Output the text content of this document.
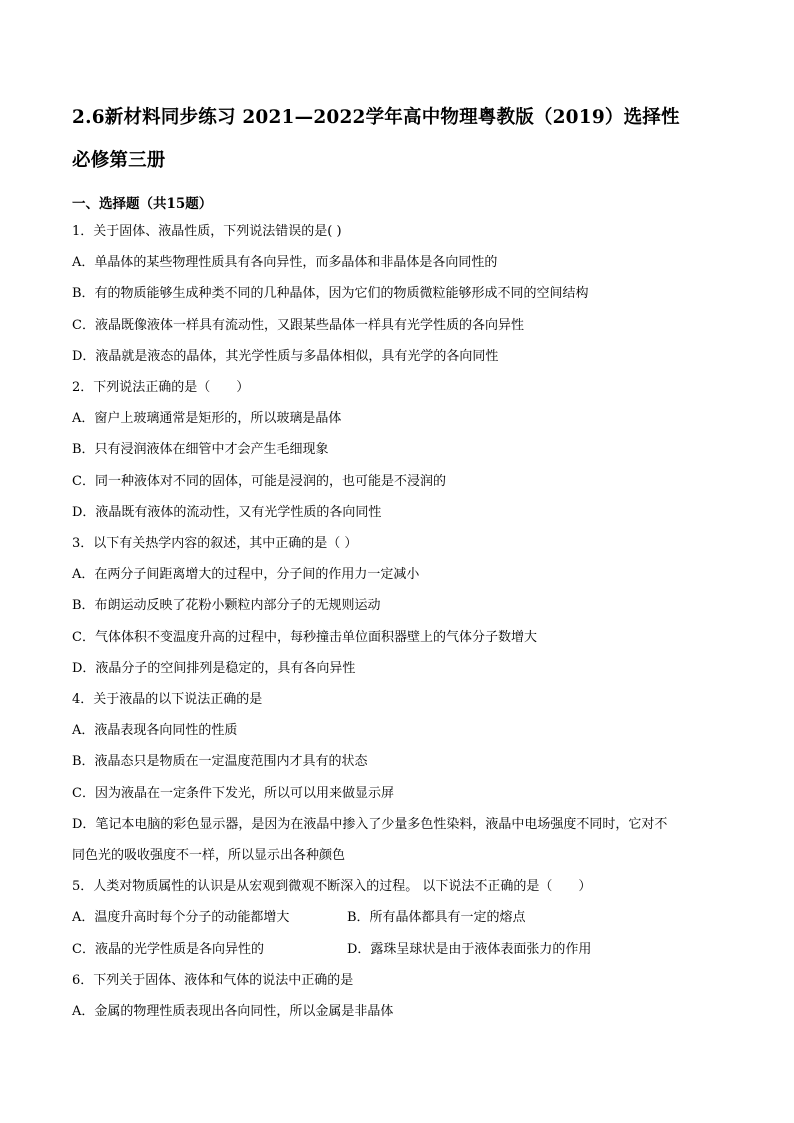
2.6新材料同步练习 2021—2022学年高中物理粤教版（2019）选择性
必修第三册
一、选择题（共15题）
1．关于固体、液晶性质，下列说法错误的是( )
A．单晶体的某些物理性质具有各向异性，而多晶体和非晶体是各向同性的
B．有的物质能够生成种类不同的几种晶体，因为它们的物质微粒能够形成不同的空间结构
C．液晶既像液体一样具有流动性，又跟某些晶体一样具有光学性质的各向异性
D．液晶就是液态的晶体，其光学性质与多晶体相似，具有光学的各向同性
2．下列说法正确的是（　　）
A．窗户上玻璃通常是矩形的，所以玻璃是晶体
B．只有浸润液体在细管中才会产生毛细现象
C．同一种液体对不同的固体，可能是浸润的，也可能是不浸润的
D．液晶既有液体的流动性，又有光学性质的各向同性
3．以下有关热学内容的叙述，其中正确的是（ ）
A．在两分子间距离增大的过程中，分子间的作用力一定减小
B．布朗运动反映了花粉小颗粒内部分子的无规则运动
C．气体体积不变温度升高的过程中，每秒撞击单位面积器壁上的气体分子数增大
D．液晶分子的空间排列是稳定的，具有各向异性
4．关于液晶的以下说法正确的是
A．液晶表现各向同性的性质
B．液晶态只是物质在一定温度范围内才具有的状态
C．因为液晶在一定条件下发光，所以可以用来做显示屏
D．笔记本电脑的彩色显示器，是因为在液晶中掺入了少量多色性染料，液晶中电场强度不同时，它对不
同色光的吸收强度不一样，所以显示出各种颜色
5．人类对物质属性的认识是从宏观到微观不断深入的过程。 以下说法不正确的是（　　）
A．温度升高时每个分子的动能都增大	B．所有晶体都具有一定的熔点
C．液晶的光学性质是各向异性的	D．露珠呈球状是由于液体表面张力的作用
6．下列关于固体、液体和气体的说法中正确的是
A．金属的物理性质表现出各向同性，所以金属是非晶体
